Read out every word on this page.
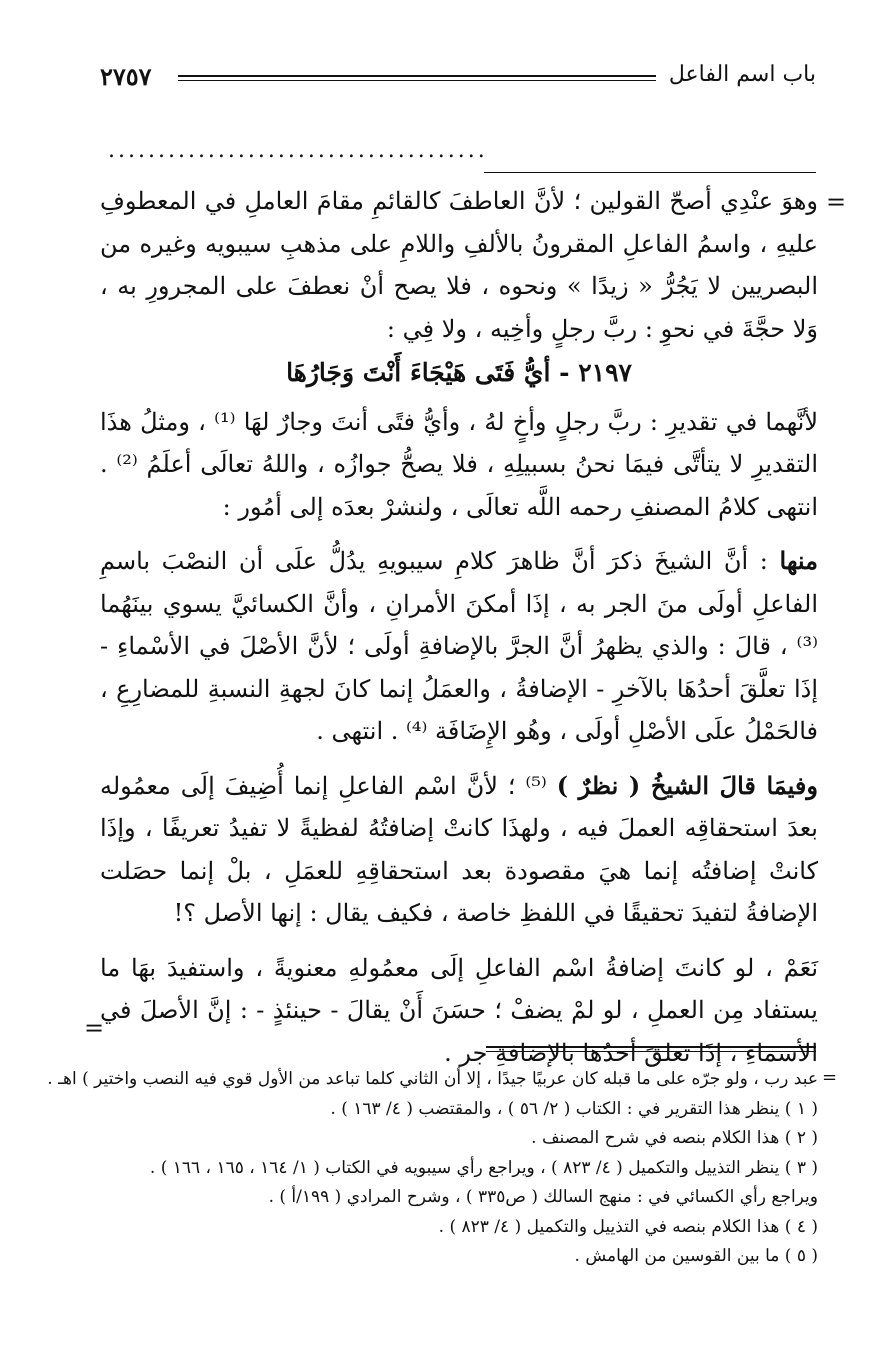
٢٧٥٧	باب اسم الفاعل
......................................
=

وهوَ عنْدِي أصحّ القولين ؛ لأنَّ العاطفَ كالقائمِ مقامَ العاملِ في المعطوفِ عليهِ ، واسمُ الفاعلِ المقرونُ بالألفِ واللامِ على مذهبِ سيبويه وغيره من البصريين لا يَجُرُّ « زيدًا » ونحوه ، فلا يصح أنْ نعطفَ على المجرورِ به ، وَلا حجَّةَ في نحوِ : ربَّ رجلٍ وأخِيه ، ولا فِي :

٢١٩٧ - أيُّ فَتَى هَيْجَاءَ أَنْتَ وَجَارُهَا

لأنَّهما في تقديرِ : ربَّ رجلٍ وأخٍ لهُ ، وأيُّ فتًى أنتَ وجارٌ لهَا ⁽¹⁾ ، ومثلُ هذَا التقديرِ لا يتأتَّى فيمَا نحنُ بسبيلِهِ ، فلا يصحُّ جوازُه ، واللهُ تعالَى أعلَمُ ⁽²⁾ . انتهى كلامُ المصنفِ رحمه اللَّه تعالَى ، ولنشرْ بعدَه إلى أمُور :

منها : أنَّ الشيخَ ذكرَ أنَّ ظاهرَ كلامِ سيبويهِ يدُلُّ علَى أن النصْبَ باسمِ الفاعلِ أولَى منَ الجر به ، إذَا أمكنَ الأمرانِ ، وأنَّ الكسائيَّ يسوي بينَهُما ⁽³⁾ ، قالَ : والذي يظهرُ أنَّ الجرَّ بالإضافةِ أولَى ؛ لأنَّ الأصْلَ في الأسْماءِ - إذَا تعلَّقَ أحدُهَا بالآخرِ - الإضافةُ ، والعمَلُ إنما كانَ لجهةِ النسبةِ للمضارِعِ ، فالحَمْلُ علَى الأصْلِ أولَى ، وهُو الإِضَافَة ⁽⁴⁾ . انتهى .

وفيمَا قالَ الشيخُ ( نظرٌ ) ⁽⁵⁾ ؛ لأنَّ اسْم الفاعلِ إنما أُضِيفَ إلَى معمُوله بعدَ استحقاقِه العملَ فيه ، ولهذَا كانتْ إضافتُهُ لفظيةً لا تفيدُ تعريفًا ، وإذَا كانتْ إضافتُه إنما هيَ مقصودة بعد استحقاقِهِ للعمَلِ ، بلْ إنما حصَلت الإضافةُ لتفيدَ تحقيقًا في اللفظِ خاصة ، فكيف يقال : إنها الأصل ؟!

نَعَمْ ، لو كانتَ إضافةُ اسْم الفاعلِ إلَى معمُولهِ معنويةً ، واستفيدَ بهَا ما يستفاد مِن العملِ ، لو لمْ يضفْ ؛ حسَنَ أَنْ يقالَ - حينئذٍ - : إنَّ الأصلَ في الأسماءِ ، إذَا تعلقَ أحدُها بالإضافةِ جر .

=
=

عبد رب ، ولو جرّه على ما قبله كان عربيًا جيدًا ، إلا أن الثاني كلما تباعد من الأول قوي فيه النصب واختير ) اهـ .

( ١ ) ينظر هذا التقرير في : الكتاب ( ٢/ ٥٦ ) ، والمقتضب ( ٤/ ١٦٣ ) .

( ٢ ) هذا الكلام بنصه في شرح المصنف .

( ٣ ) ينظر التذييل والتكميل ( ٤/ ٨٢٣ ) ، ويراجع رأي سيبويه في الكتاب ( ١/ ١٦٤ ، ١٦٥ ، ١٦٦ ) .

ويراجع رأي الكسائي في : منهج السالك ( ص٣٣٥ ) ، وشرح المرادي ( ١٩٩/أ ) .

( ٤ ) هذا الكلام بنصه في التذييل والتكميل ( ٤/ ٨٢٣ ) .

( ٥ ) ما بين القوسين من الهامش .
